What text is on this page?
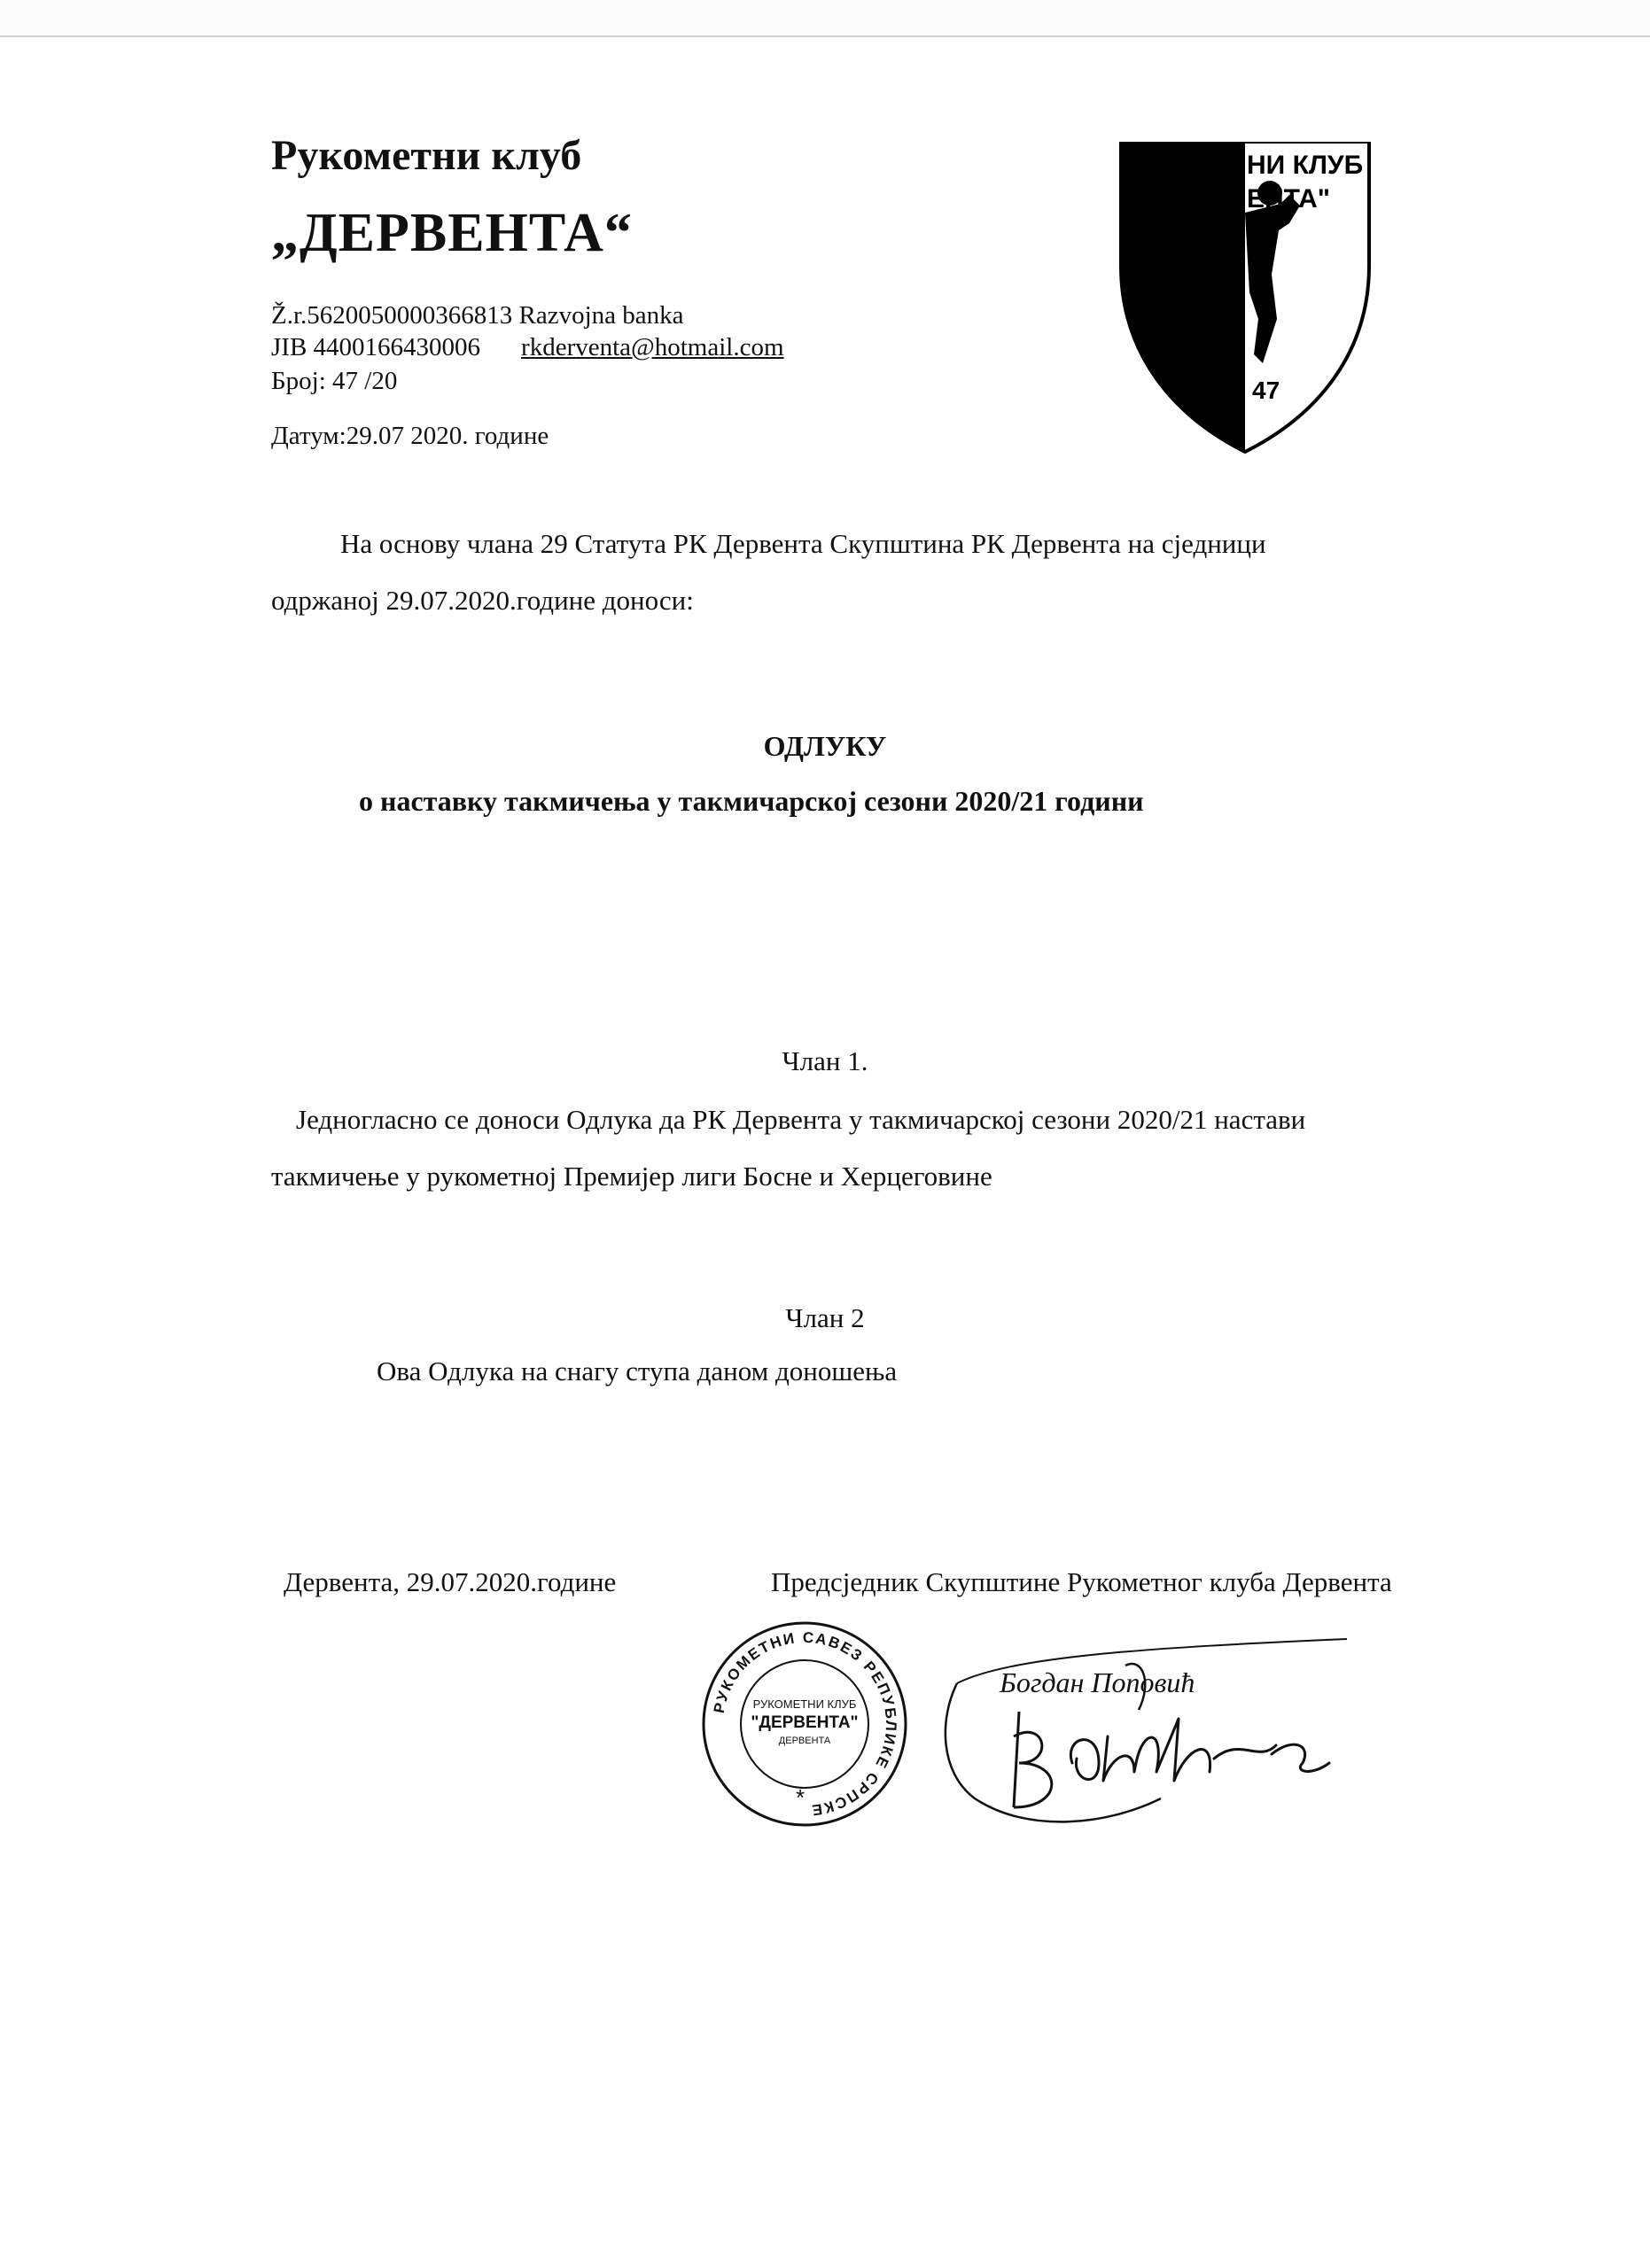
Рукометни клуб
„ДЕРВЕНТА“
Ž.r.5620050000366813 Razvojna banka
JIB 4400166430006 rkderventa@hotmail.com
Број: 47 /20
Датум:29.07 2020. године
НИ КЛУБ
ЕНТА"
47
На основу члана 29 Статута РК Дервента Скупштина РК Дервента на сједници
одржаној 29.07.2020.године доноси:
ОДЛУКУ
о наставку такмичења у такмичарској сезони 2020/21 години
Члан 1.
Једногласно се доноси Одлука да РК Дервента у такмичарској сезони 2020/21 настави
такмичење у рукометној Премијер лиги Босне и Херцеговине
Члан 2
Ова Одлука на снагу ступа даном доношења
Дервента, 29.07.2020.године	Предсједник Скупштине Рукометног клуба Дервента
РУКОМЕТНИ САВЕЗ РЕПУБЛИКЕ СРПСКЕ
РУКОМЕТНИ КЛУБ
"ДЕРВЕНТА"
ДЕРВЕНТА
*
Богдан Поповић
